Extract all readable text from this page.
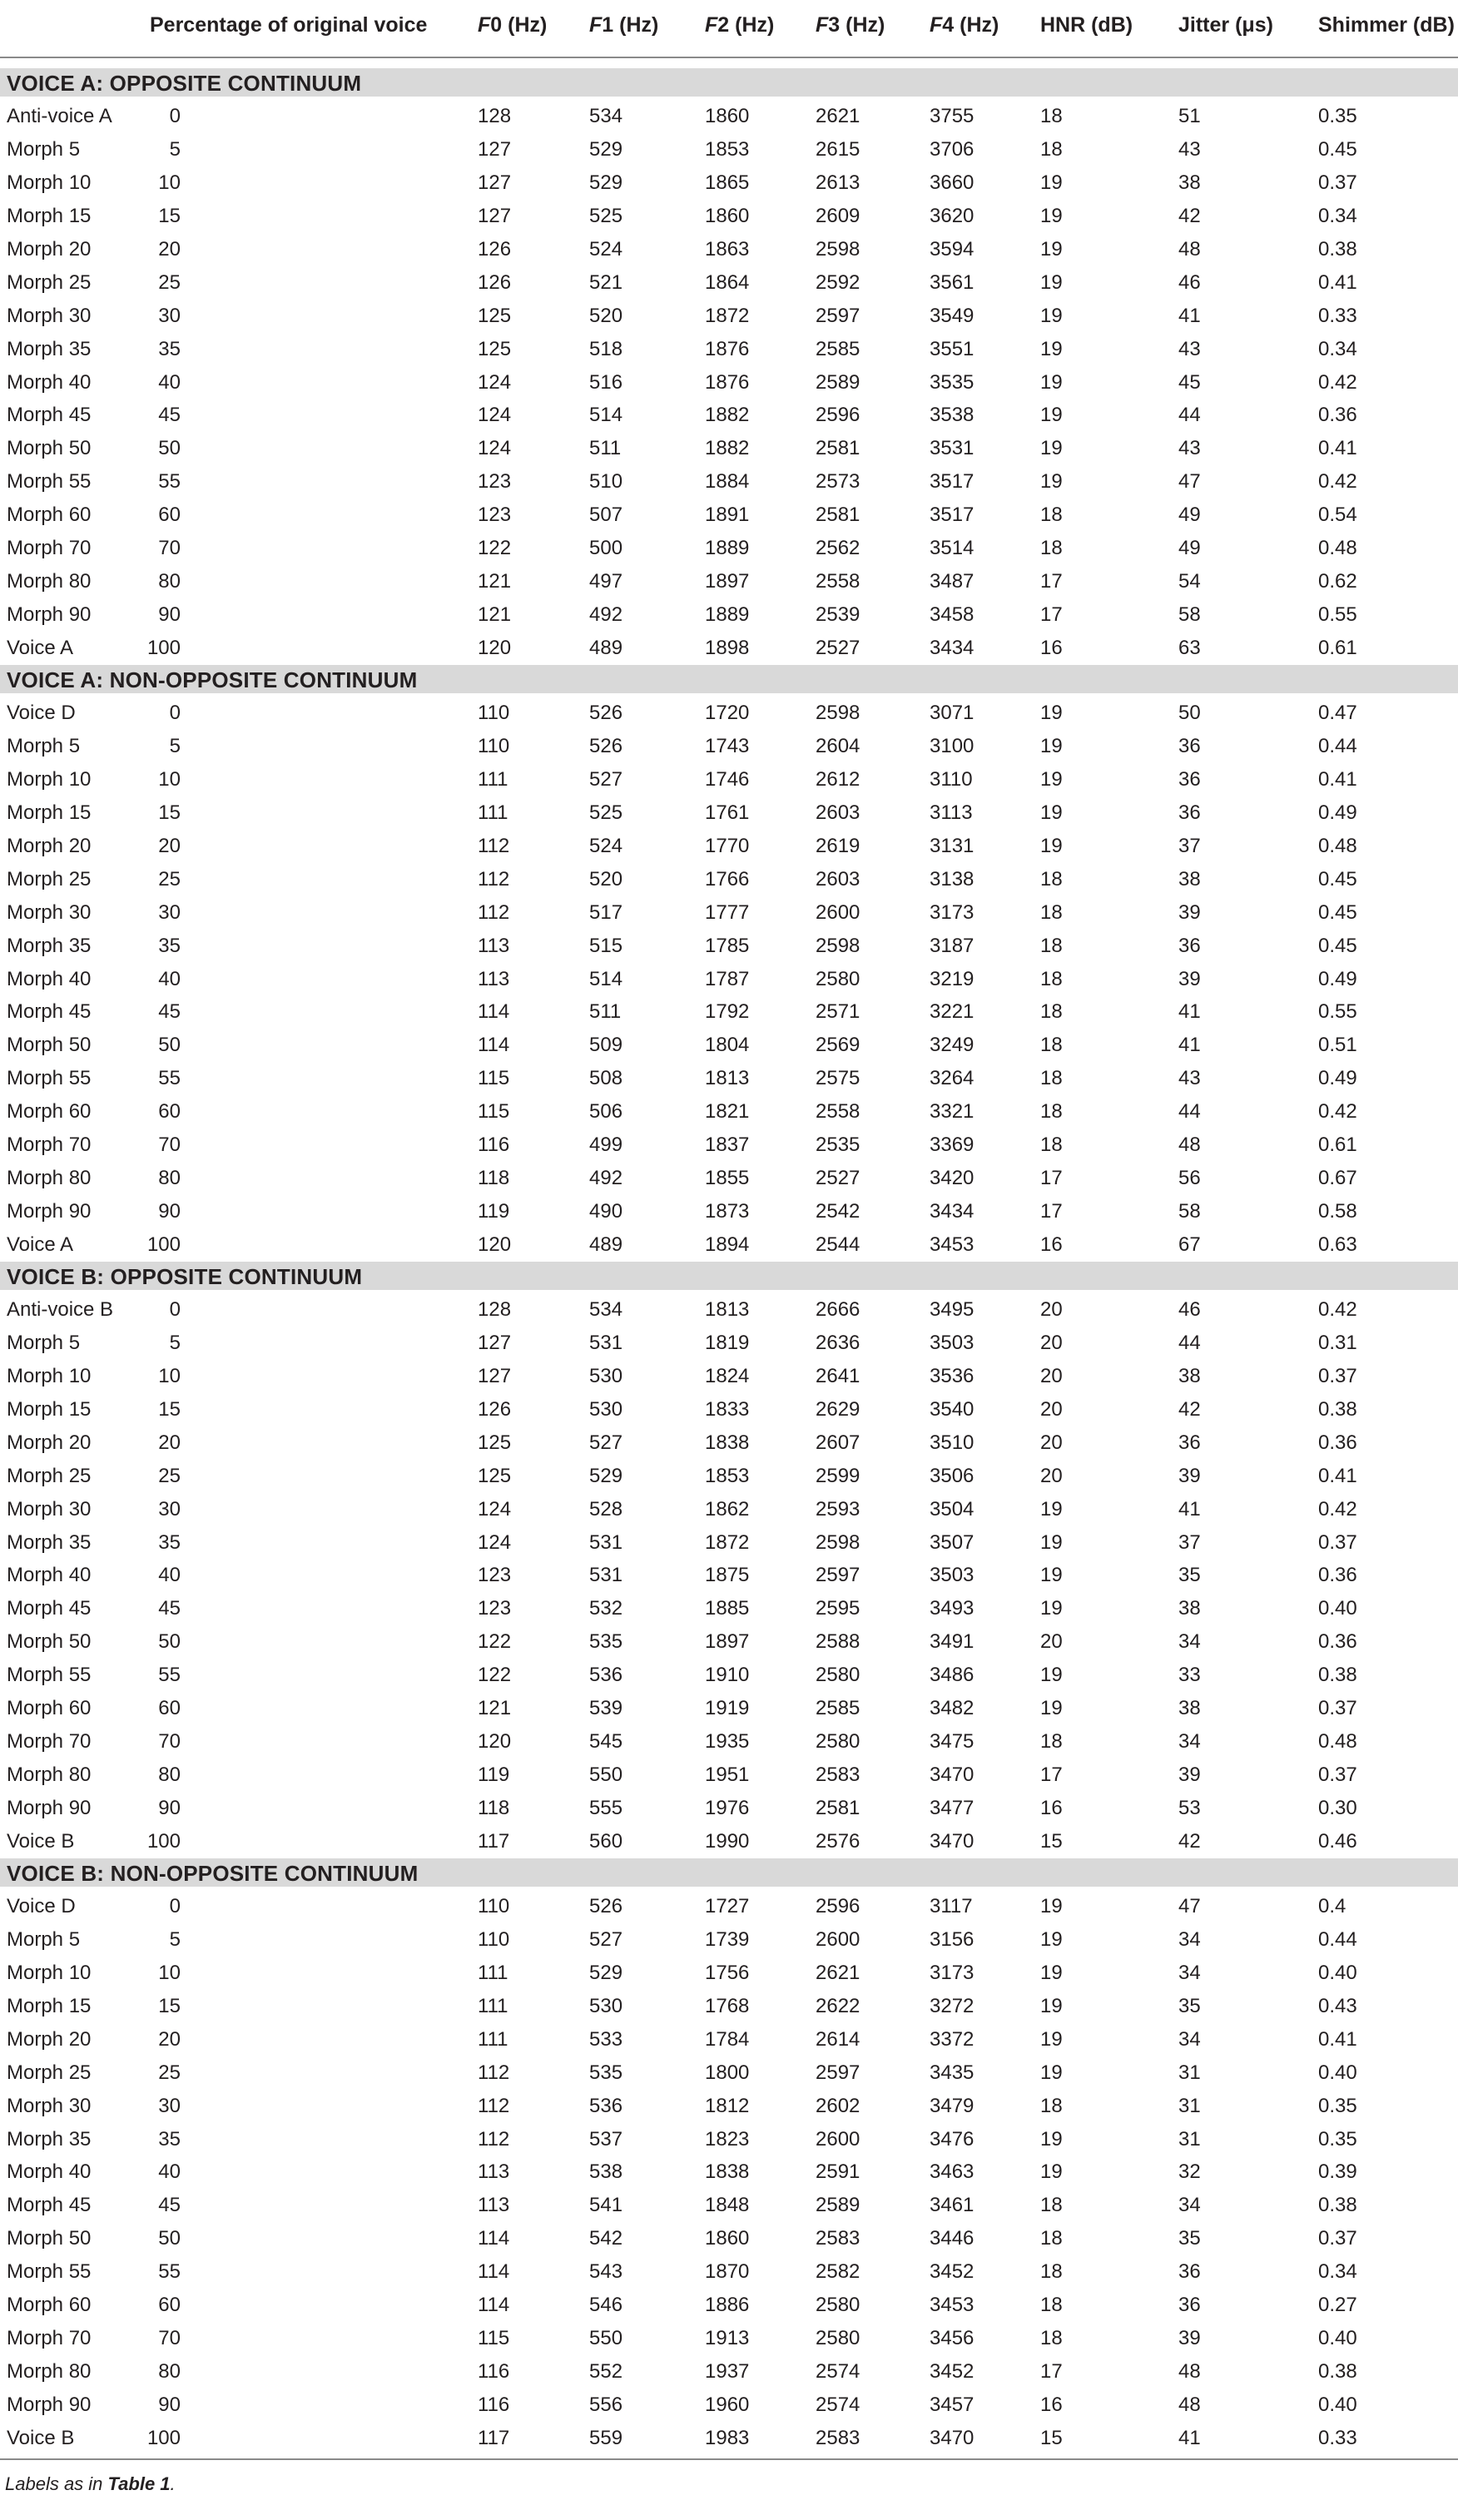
Percentage of original voice F0 (Hz) F1 (Hz) F2 (Hz) F3 (Hz) F4 (Hz) HNR (dB) Jitter (μs) Shimmer (dB)
VOICE A: OPPOSITE CONTINUUM
Anti-voice A	0	128	534	1860	2621	3755	18	51	0.35
Morph 5	5	127	529	1853	2615	3706	18	43	0.45
Morph 10	10	127	529	1865	2613	3660	19	38	0.37
Morph 15	15	127	525	1860	2609	3620	19	42	0.34
Morph 20	20	126	524	1863	2598	3594	19	48	0.38
Morph 25	25	126	521	1864	2592	3561	19	46	0.41
Morph 30	30	125	520	1872	2597	3549	19	41	0.33
Morph 35	35	125	518	1876	2585	3551	19	43	0.34
Morph 40	40	124	516	1876	2589	3535	19	45	0.42
Morph 45	45	124	514	1882	2596	3538	19	44	0.36
Morph 50	50	124	511	1882	2581	3531	19	43	0.41
Morph 55	55	123	510	1884	2573	3517	19	47	0.42
Morph 60	60	123	507	1891	2581	3517	18	49	0.54
Morph 70	70	122	500	1889	2562	3514	18	49	0.48
Morph 80	80	121	497	1897	2558	3487	17	54	0.62
Morph 90	90	121	492	1889	2539	3458	17	58	0.55
Voice A	100	120	489	1898	2527	3434	16	63	0.61
VOICE A: NON-OPPOSITE CONTINUUM
Voice D	0	110	526	1720	2598	3071	19	50	0.47
Morph 5	5	110	526	1743	2604	3100	19	36	0.44
Morph 10	10	111	527	1746	2612	3110	19	36	0.41
Morph 15	15	111	525	1761	2603	3113	19	36	0.49
Morph 20	20	112	524	1770	2619	3131	19	37	0.48
Morph 25	25	112	520	1766	2603	3138	18	38	0.45
Morph 30	30	112	517	1777	2600	3173	18	39	0.45
Morph 35	35	113	515	1785	2598	3187	18	36	0.45
Morph 40	40	113	514	1787	2580	3219	18	39	0.49
Morph 45	45	114	511	1792	2571	3221	18	41	0.55
Morph 50	50	114	509	1804	2569	3249	18	41	0.51
Morph 55	55	115	508	1813	2575	3264	18	43	0.49
Morph 60	60	115	506	1821	2558	3321	18	44	0.42
Morph 70	70	116	499	1837	2535	3369	18	48	0.61
Morph 80	80	118	492	1855	2527	3420	17	56	0.67
Morph 90	90	119	490	1873	2542	3434	17	58	0.58
Voice A	100	120	489	1894	2544	3453	16	67	0.63
VOICE B: OPPOSITE CONTINUUM
Anti-voice B	0	128	534	1813	2666	3495	20	46	0.42
Morph 5	5	127	531	1819	2636	3503	20	44	0.31
Morph 10	10	127	530	1824	2641	3536	20	38	0.37
Morph 15	15	126	530	1833	2629	3540	20	42	0.38
Morph 20	20	125	527	1838	2607	3510	20	36	0.36
Morph 25	25	125	529	1853	2599	3506	20	39	0.41
Morph 30	30	124	528	1862	2593	3504	19	41	0.42
Morph 35	35	124	531	1872	2598	3507	19	37	0.37
Morph 40	40	123	531	1875	2597	3503	19	35	0.36
Morph 45	45	123	532	1885	2595	3493	19	38	0.40
Morph 50	50	122	535	1897	2588	3491	20	34	0.36
Morph 55	55	122	536	1910	2580	3486	19	33	0.38
Morph 60	60	121	539	1919	2585	3482	19	38	0.37
Morph 70	70	120	545	1935	2580	3475	18	34	0.48
Morph 80	80	119	550	1951	2583	3470	17	39	0.37
Morph 90	90	118	555	1976	2581	3477	16	53	0.30
Voice B	100	117	560	1990	2576	3470	15	42	0.46
VOICE B: NON-OPPOSITE CONTINUUM
Voice D	0	110	526	1727	2596	3117	19	47	0.4
Morph 5	5	110	527	1739	2600	3156	19	34	0.44
Morph 10	10	111	529	1756	2621	3173	19	34	0.40
Morph 15	15	111	530	1768	2622	3272	19	35	0.43
Morph 20	20	111	533	1784	2614	3372	19	34	0.41
Morph 25	25	112	535	1800	2597	3435	19	31	0.40
Morph 30	30	112	536	1812	2602	3479	18	31	0.35
Morph 35	35	112	537	1823	2600	3476	19	31	0.35
Morph 40	40	113	538	1838	2591	3463	19	32	0.39
Morph 45	45	113	541	1848	2589	3461	18	34	0.38
Morph 50	50	114	542	1860	2583	3446	18	35	0.37
Morph 55	55	114	543	1870	2582	3452	18	36	0.34
Morph 60	60	114	546	1886	2580	3453	18	36	0.27
Morph 70	70	115	550	1913	2580	3456	18	39	0.40
Morph 80	80	116	552	1937	2574	3452	17	48	0.38
Morph 90	90	116	556	1960	2574	3457	16	48	0.40
Voice B	100	117	559	1983	2583	3470	15	41	0.33
Labels as in Table 1.
